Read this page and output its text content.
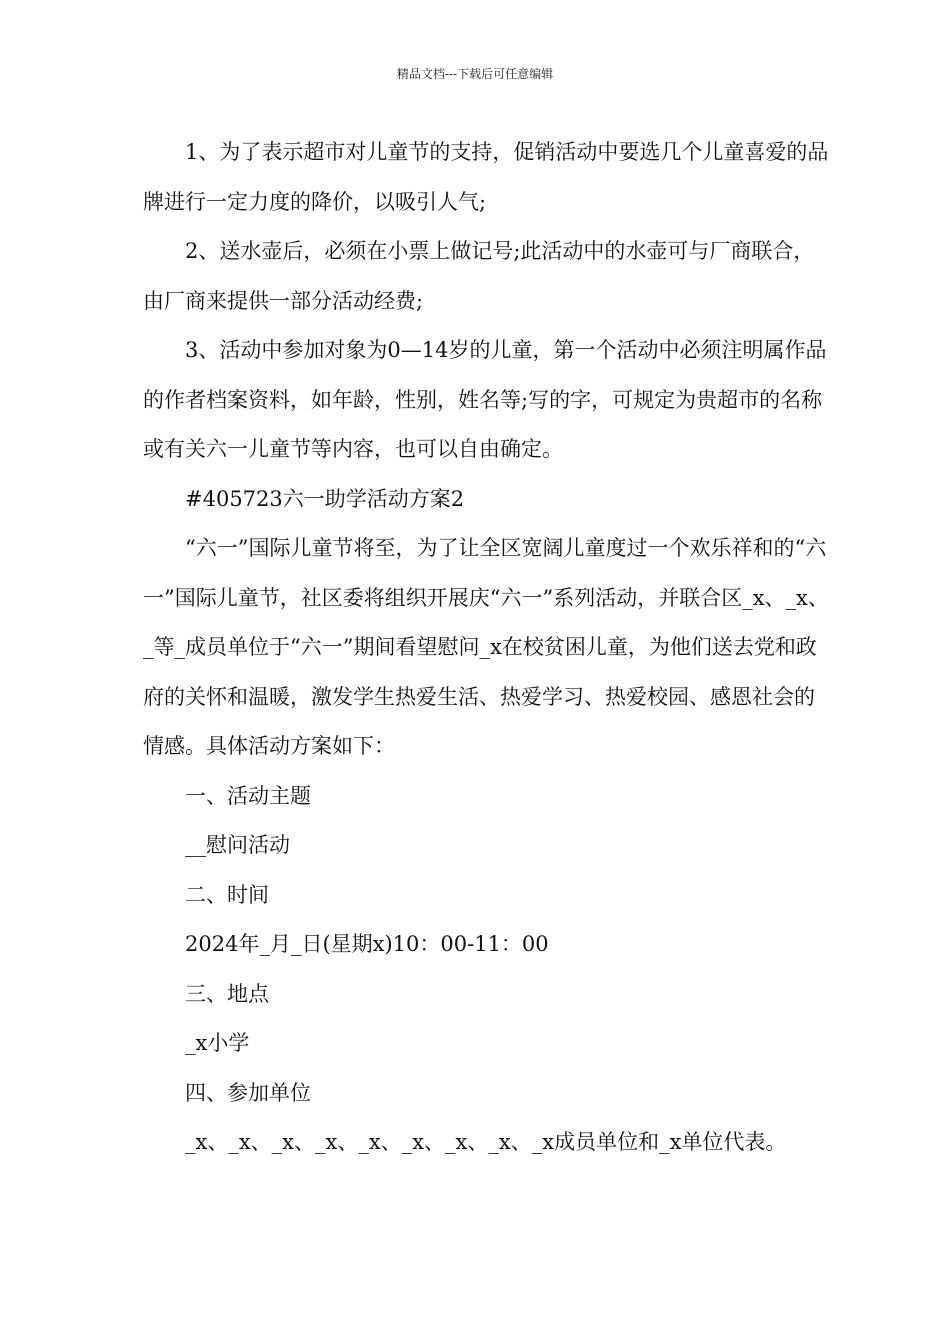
精品文档---下载后可任意编辑

1、为了表示超市对儿童节的支持，促销活动中要选几个儿童喜爱的品牌进行一定力度的降价，以吸引人气;

2、送水壶后，必须在小票上做记号;此活动中的水壶可与厂商联合，由厂商来提供一部分活动经费;

3、活动中参加对象为0—14岁的儿童，第一个活动中必须注明属作品的作者档案资料，如年龄，性别，姓名等;写的字，可规定为贵超市的名称或有关六一儿童节等内容，也可以自由确定。

#405723六一助学活动方案2

“六一”国际儿童节将至，为了让全区宽阔儿童度过一个欢乐祥和的“六一”国际儿童节，社区委将组织开展庆“六一”系列活动，并联合区_x、_x、_等_成员单位于“六一”期间看望慰问_x在校贫困儿童，为他们送去党和政府的关怀和温暖，激发学生热爱生活、热爱学习、热爱校园、感恩社会的情感。具体活动方案如下：

一、活动主题

__慰问活动

二、时间

2024年_月_日(星期x)10：00-11：00

三、地点

_x小学

四、参加单位

_x、_x、_x、_x、_x、_x、_x、_x、_x成员单位和_x单位代表。
